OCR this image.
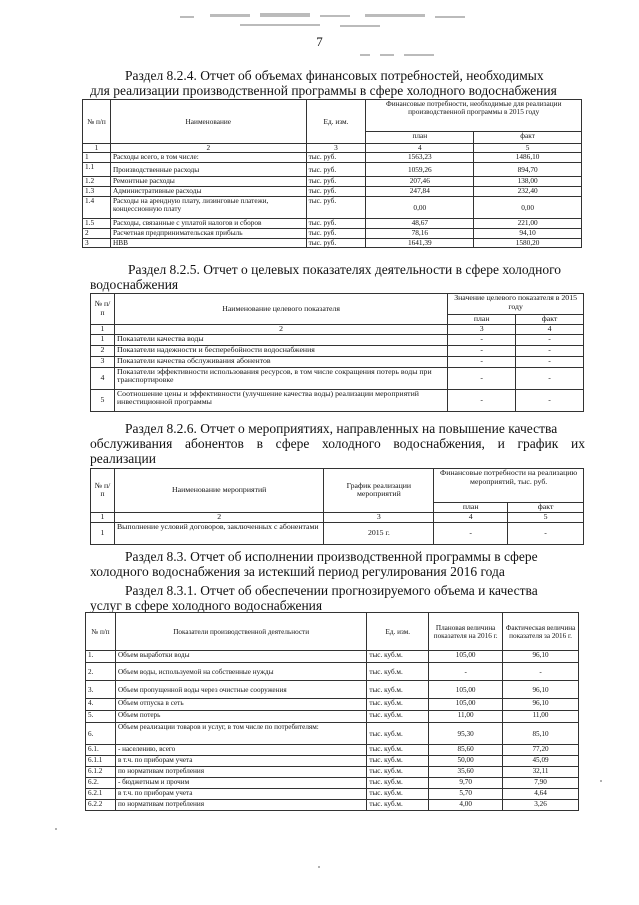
7
Раздел 8.2.4. Отчет об объемах финансовых потребностей, необходимых
для реализации производственной программы в сфере холодного водоснабжения
№ п/п	Наименование	Ед. изм.	Финансовые потребности, необходимые для реализации производственной программы в 2015 году	
			план	факт
1	2	3	4	5
1	Расходы всего, в том числе:	тыс. руб.	1563,23	1486,10
1.1	Производственные расходы	тыс. руб.	1059,26	894,70
1.2	Ремонтные расходы	тыс. руб.	207,46	138,00
1.3	Административные расходы	тыс. руб.	247,84	232,40
1.4	Расходы на арендную плату, лизинговые платежи, концессионную плату	тыс. руб.	0,00	0,00
1.5	Расходы, связанные с уплатой налогов и сборов	тыс. руб.	48,67	221,00
2	Расчетная предпринимательская прибыль	тыс. руб.	78,16	94,10
3	НВВ	тыс. руб.	1641,39	1580,20
Раздел 8.2.5. Отчет о целевых показателях деятельности в сфере холодного
водоснабжения
№ п/п	Наименование целевого показателя	Значение целевого показателя в 2015 году	
		план	факт
1	2	3	4
1	Показатели качества воды	-	-
2	Показатели надежности и бесперебойности водоснабжения	-	-
3	Показатели качества обслуживания абонентов	-	-
4	Показатели эффективности использования ресурсов, в том числе сокращения потерь воды при транспортировке	-	-
5	Соотношение цены и эффективности (улучшение качества воды) реализации мероприятий инвестиционной программы	-	-
Раздел 8.2.6. Отчет о мероприятиях, направленных на повышение качества
обслуживания абонентов в сфере холодного водоснабжения, и график их
реализации
№ п/п	Наименование мероприятий	График реализации мероприятий	Финансовые потребности на реализацию мероприятий, тыс. руб.	
			план	факт
1	2	3	4	5
1	Выполнение условий договоров, заключенных с абонентами	2015 г.	-	-
Раздел 8.3. Отчет об исполнении производственной программы в сфере
холодного водоснабжения за истекший период регулирования 2016 года
Раздел 8.3.1. Отчет об обеспечении прогнозируемого объема и качества
услуг в сфере холодного водоснабжения
№ п/п	Показатели производственной деятельности	Ед. изм.	Плановая величина показателя на 2016 г.	Фактическая величина показателя за 2016 г.
1.	Объем выработки воды	тыс. куб.м.	105,00	96,10
2.	Объем воды, используемой на собственные нужды	тыс. куб.м.	-	-
3.	Объем пропущенной воды через очистные сооружения	тыс. куб.м.	105,00	96,10
4.	Объем отпуска в сеть	тыс. куб.м.	105,00	96,10
5.	Объем потерь	тыс. куб.м.	11,00	11,00
6.	Объем реализации товаров и услуг, в том числе по потребителям:	тыс. куб.м.	95,30	85,10
6.1.	- населению, всего	тыс. куб.м.	85,60	77,20
6.1.1	в т.ч. по приборам учета	тыс. куб.м.	50,00	45,09
6.1.2	по нормативам потребления	тыс. куб.м.	35,60	32,11
6.2.	- бюджетным и прочим	тыс. куб.м.	9,70	7,90
6.2.1	в т.ч. по приборам учета	тыс. куб.м.	5,70	4,64
6.2.2	по нормативам потребления	тыс. куб.м.	4,00	3,26
